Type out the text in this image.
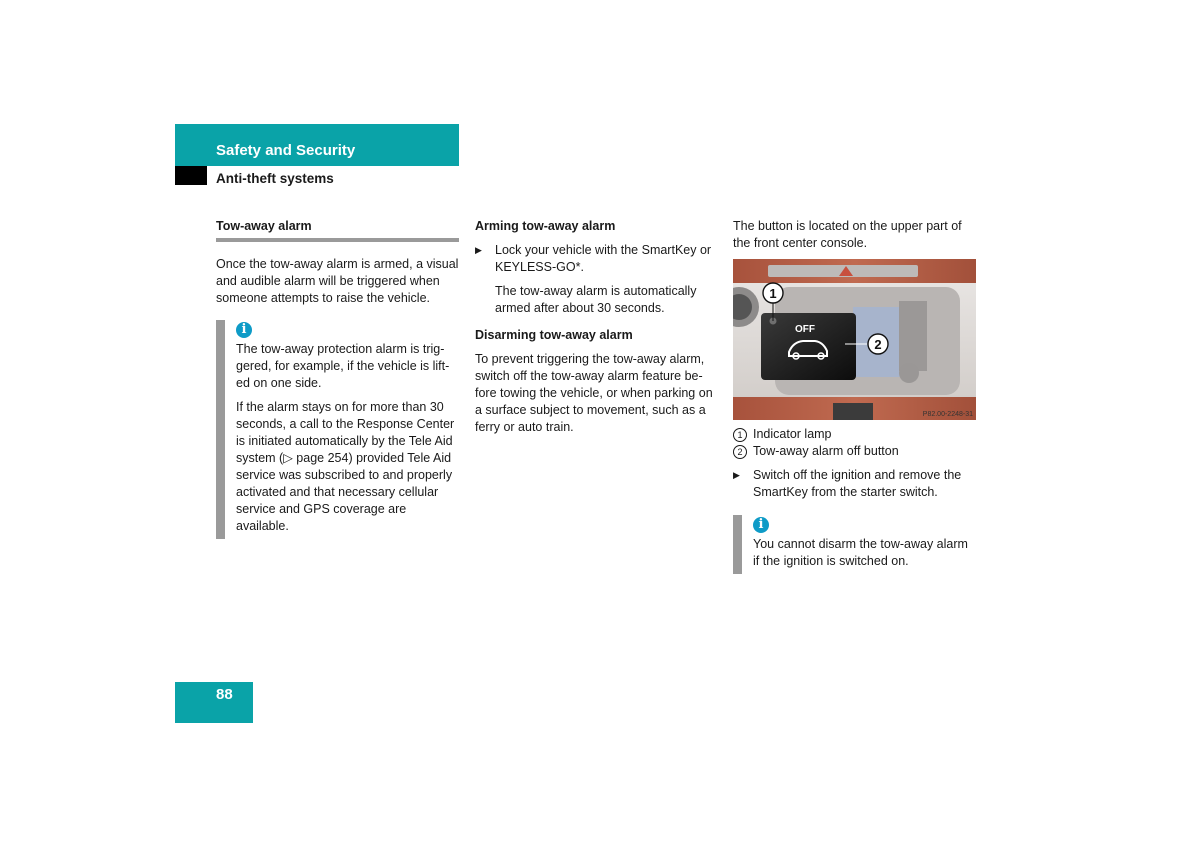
Safety and Security
Anti-theft systems
Tow-away alarm

Once the tow-away alarm is armed, a visual and audible alarm will be triggered when someone attempts to raise the vehicle.

i

The tow-away protection alarm is trig-gered, for example, if the vehicle is lift-ed on one side.

If the alarm stays on for more than 30 seconds, a call to the Response Center is initiated automatically by the Tele Aid system (▷ page 254) provided Tele Aid service was subscribed to and properly activated and that necessary cellular service and GPS coverage are available.

Arming tow-away alarm
▶ Lock your vehicle with the SmartKey or KEYLESS-GO*.

The tow-away alarm is automatically armed after about 30 seconds.

Disarming tow-away alarm

To prevent triggering the tow-away alarm, switch off the tow-away alarm feature be-fore towing the vehicle, or when parking on a surface subject to movement, such as a ferry or auto train.

The button is located on the upper part of the front center console.

OFF
1
2
P82.00-2248-31
1 Indicator lamp
2 Tow-away alarm off button
▶ Switch off the ignition and remove the SmartKey from the starter switch.

i

You cannot disarm the tow-away alarm if the ignition is switched on.

88
